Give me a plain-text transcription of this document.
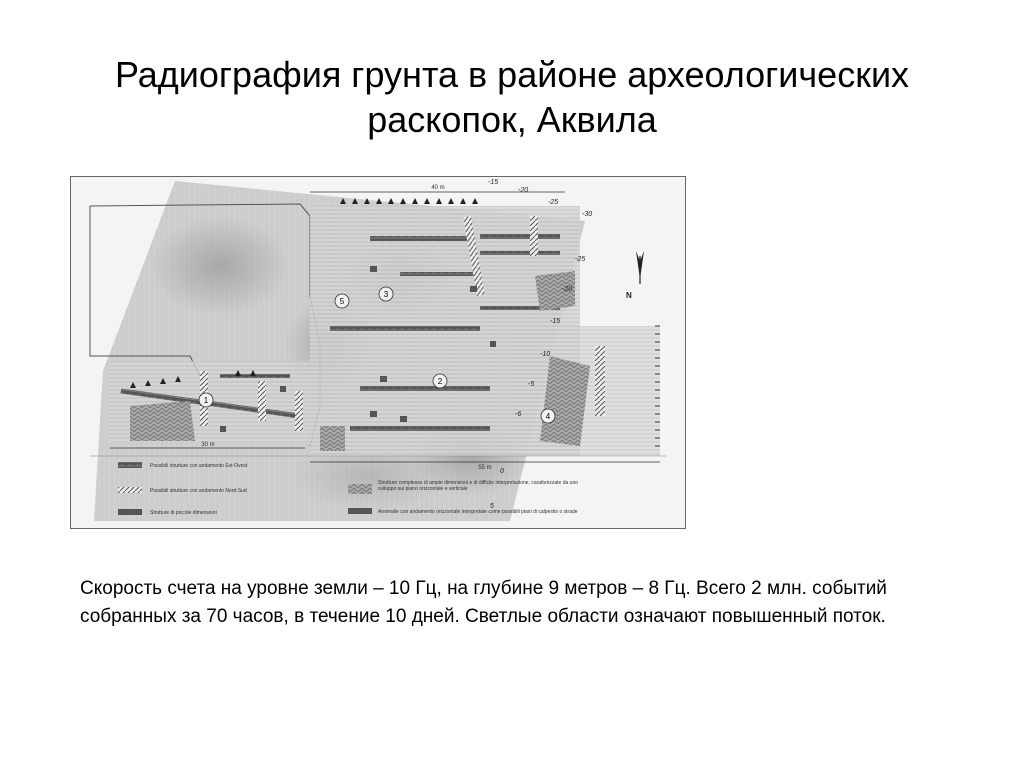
Радиография грунта в районе археологических раскопок, Аквила
40 m
30 m
55 m
-15
-20
-25
-30
-25
-20
-15
-10
-5
0
5
-6
1
2
3
4
5
N
Possibili strutture con andamento Est-Ovest
Possibili strutture con andamento Nord-Sud
Strutture di piccole dimensioni
Strutture complesse di ampie dimensioni e di difficile interpretazione, caratterizzate da uno sviluppo sul piano orizzontale e verticale
Anomalie con andamento orizzontale interpretate come possibili piani di calpestio o strade

Скорость счета на уровне земли – 10 Гц, на глубине 9 метров – 8 Гц. Всего 2 млн. событий собранных за 70 часов, в течение 10 дней. Светлые области означают повышенный поток.
